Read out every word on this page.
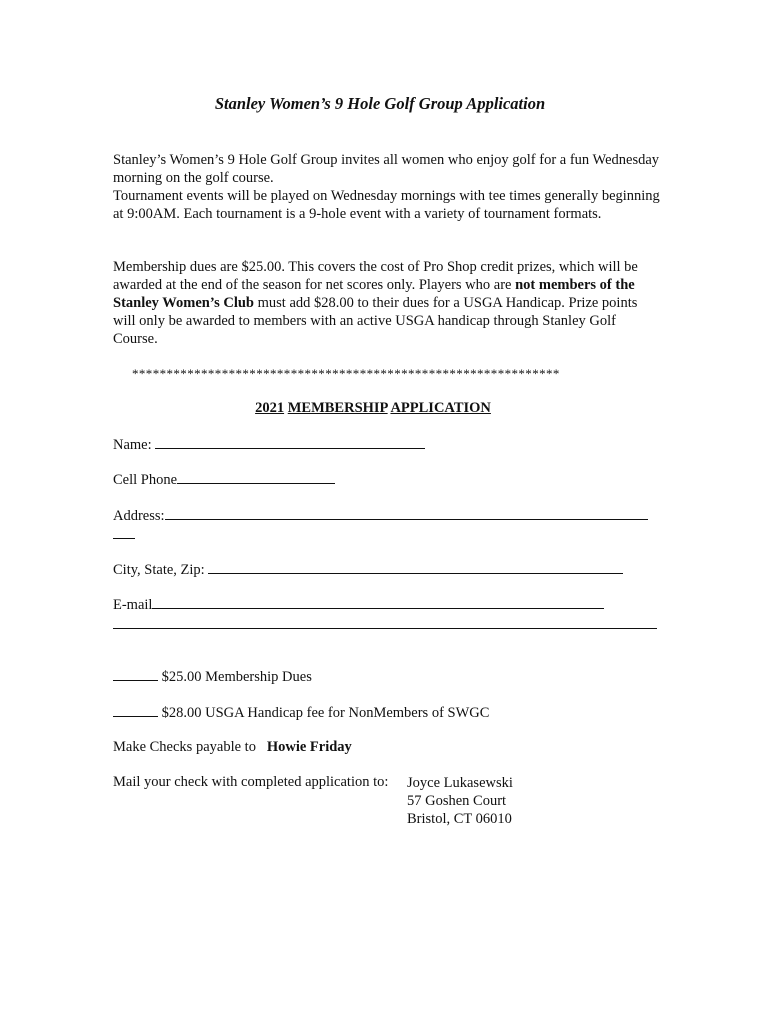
Stanley Women’s 9 Hole Golf Group Application
Stanley’s Women’s 9 Hole Golf Group invites all women who enjoy golf for a fun Wednesday morning on the golf course.
Tournament events will be played on Wednesday mornings with tee times generally beginning at 9:00AM. Each tournament is a 9-hole event with a variety of tournament formats.
Membership dues are $25.00. This covers the cost of Pro Shop credit prizes, which will be awarded at the end of the season for net scores only. Players who are not members of the Stanley Women’s Club must add $28.00 to their dues for a USGA Handicap. Prize points will only be awarded to members with an active USGA handicap through Stanley Golf Course.
**************************************************************
2021 MEMBERSHIP APPLICATION
Name:
Cell Phone
Address:
City, State, Zip:
E-mail
$25.00 Membership Dues
$28.00 USGA Handicap fee for NonMembers of SWGC
Make Checks payable to   Howie Friday
Mail your check with completed application to: Joyce Lukasewski
57 Goshen Court
Bristol, CT 06010
